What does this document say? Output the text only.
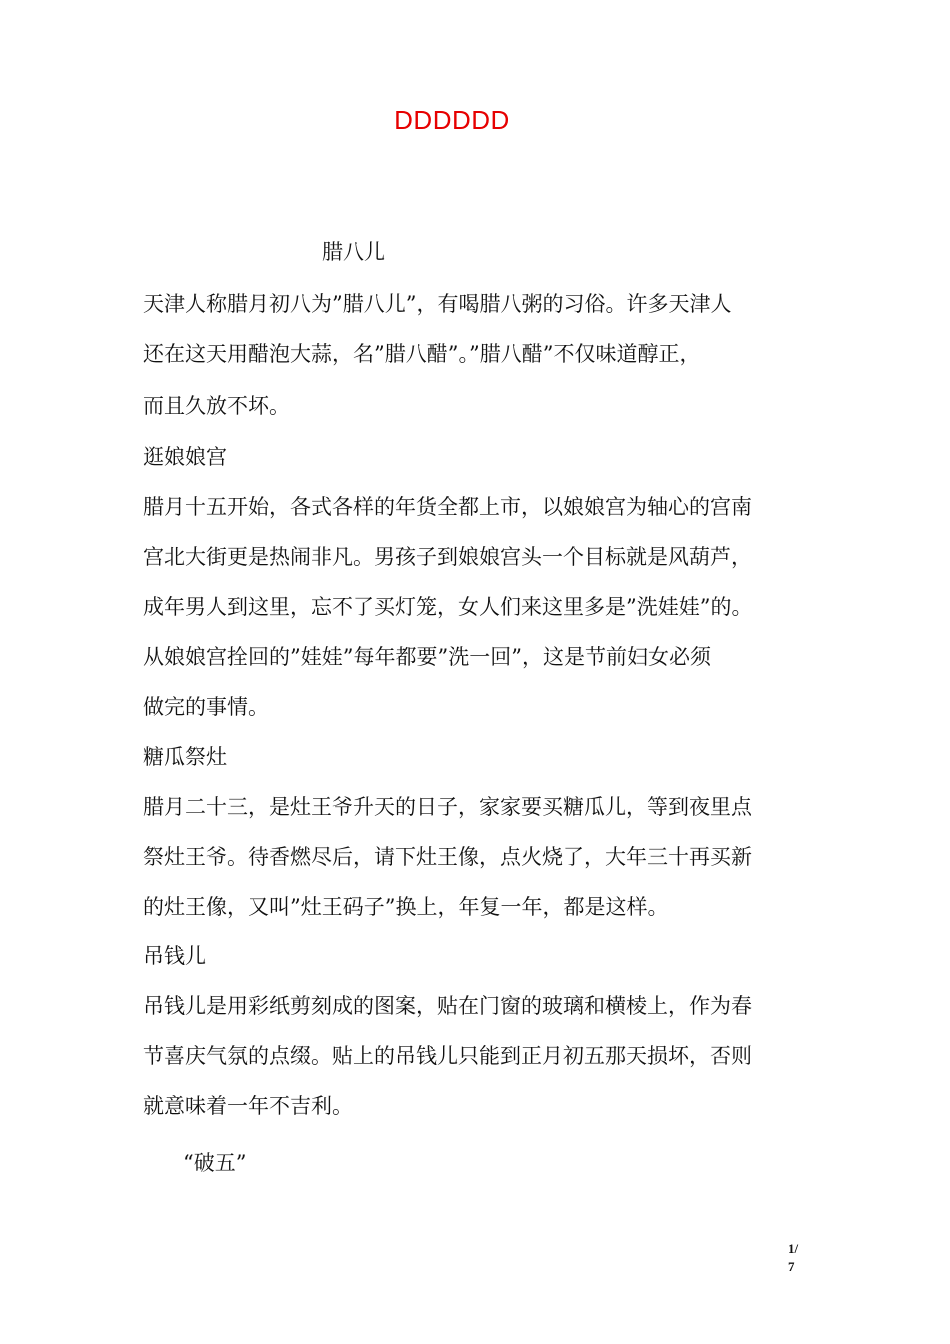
DDDDDD
腊八儿
天津人称腊月初八为”腊八儿”，有喝腊八粥的习俗。许多天津人
还在这天用醋泡大蒜，名”腊八醋”。”腊八醋”不仅味道醇正，
而且久放不坏。
逛娘娘宫
腊月十五开始，各式各样的年货全都上市，以娘娘宫为轴心的宫南
宫北大街更是热闹非凡。男孩子到娘娘宫头一个目标就是风葫芦，
成年男人到这里，忘不了买灯笼，女人们来这里多是”洗娃娃”的。
从娘娘宫拴回的”娃娃”每年都要”洗一回”，这是节前妇女必须
做完的事情。
糖瓜祭灶
腊月二十三，是灶王爷升天的日子，家家要买糖瓜儿，等到夜里点
祭灶王爷。待香燃尽后，请下灶王像，点火烧了，大年三十再买新
的灶王像，又叫”灶王码子”换上，年复一年，都是这样。
吊钱儿
吊钱儿是用彩纸剪刻成的图案，贴在门窗的玻璃和横棱上，作为春
节喜庆气氛的点缀。贴上的吊钱儿只能到正月初五那天损坏，否则
就意味着一年不吉利。
“破五”
1/
7
